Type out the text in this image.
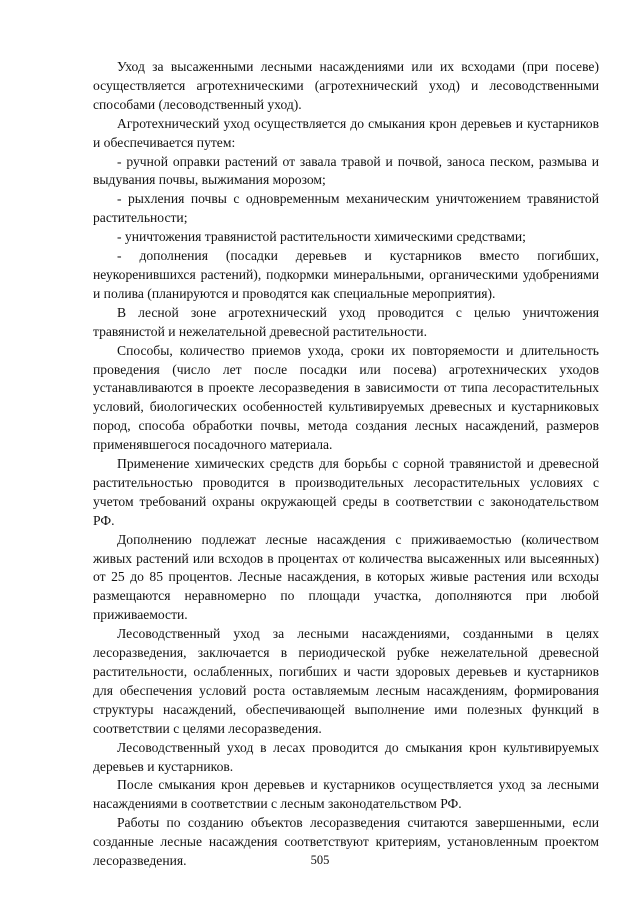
Уход за высаженными лесными насаждениями или их всходами (при посеве) осуществляется агротехническими (агротехнический уход) и лесоводственными способами (лесоводственный уход).

Агротехнический уход осуществляется до смыкания крон деревьев и кустарников и обеспечивается путем:

- ручной оправки растений от завала травой и почвой, заноса песком, размыва и выдувания почвы, выжимания морозом;

- рыхления почвы с одновременным механическим уничтожением травянистой растительности;

- уничтожения травянистой растительности химическими средствами;

- дополнения (посадки деревьев и кустарников вместо погибших, неукоренившихся растений), подкормки минеральными, органическими удобрениями и полива (планируются и проводятся как специальные мероприятия).

В лесной зоне агротехнический уход проводится с целью уничтожения травянистой и нежелательной древесной растительности.

Способы, количество приемов ухода, сроки их повторяемости и длительность проведения (число лет после посадки или посева) агротехнических уходов устанавливаются в проекте лесоразведения в зависимости от типа лесорастительных условий, биологических особенностей культивируемых древесных и кустарниковых пород, способа обработки почвы, метода создания лесных насаждений, размеров применявшегося посадочного материала.

Применение химических средств для борьбы с сорной травянистой и древесной растительностью проводится в производительных лесорастительных условиях с учетом требований охраны окружающей среды в соответствии с законодательством РФ.

Дополнению подлежат лесные насаждения с приживаемостью (количеством живых растений или всходов в процентах от количества высаженных или высеянных) от 25 до 85 процентов. Лесные насаждения, в которых живые растения или всходы размещаются неравномерно по площади участка, дополняются при любой приживаемости.

Лесоводственный уход за лесными насаждениями, созданными в целях лесоразведения, заключается в периодической рубке нежелательной древесной растительности, ослабленных, погибших и части здоровых деревьев и кустарников для обеспечения условий роста оставляемым лесным насаждениям, формирования структуры насаждений, обеспечивающей выполнение ими полезных функций в соответствии с целями лесоразведения.

Лесоводственный уход в лесах проводится до смыкания крон культивируемых деревьев и кустарников.

После смыкания крон деревьев и кустарников осуществляется уход за лесными насаждениями в соответствии с лесным законодательством РФ.

Работы по созданию объектов лесоразведения считаются завершенными, если созданные лесные насаждения соответствуют критериям, установленным проектом лесоразведения.	505
